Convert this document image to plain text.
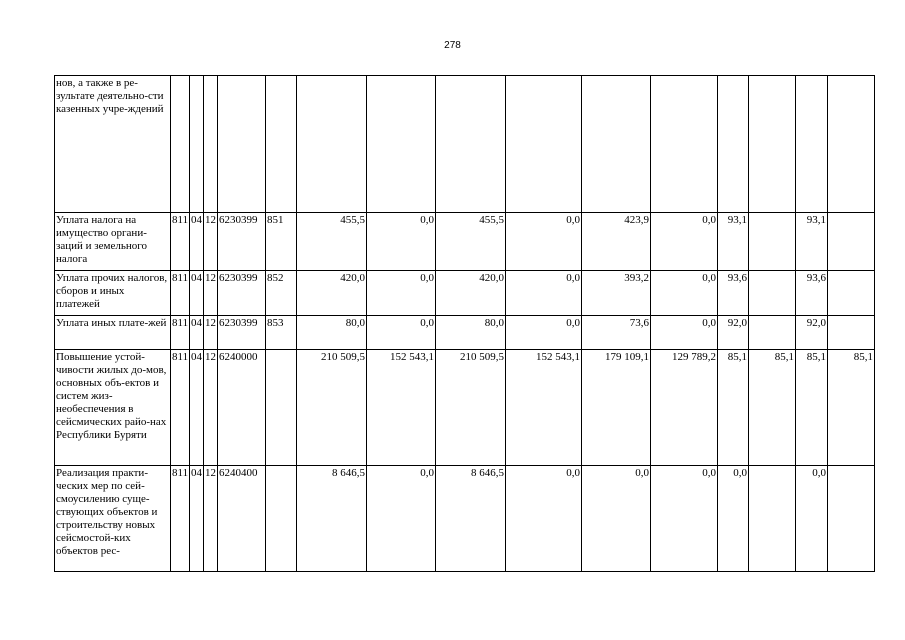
278
нов, а также в ре-зультате деятельно-сти казенных учре-ждений															
Уплата налога на имущество органи-заций и земельного налога	811	04	12	6230399	851	455,5	0,0	455,5	0,0	423,9	0,0	93,1		93,1	
Уплата прочих налогов, сборов и иных платежей	811	04	12	6230399	852	420,0	0,0	420,0	0,0	393,2	0,0	93,6		93,6	
Уплата иных плате-жей	811	04	12	6230399	853	80,0	0,0	80,0	0,0	73,6	0,0	92,0		92,0	
Повышение устой-чивости жилых до-мов, основных объ-ектов и систем жиз-необеспечения в сейсмических райо-нах Республики Буряти	811	04	12	6240000		210 509,5	152 543,1	210 509,5	152 543,1	179 109,1	129 789,2	85,1	85,1	85,1	85,1
Реализация практи-ческих мер по сей-смоусилению суще-ствующих объектов и строительству новых сейсмостой-ких объектов рес-	811	04	12	6240400		8 646,5	0,0	8 646,5	0,0	0,0	0,0	0,0		0,0	
